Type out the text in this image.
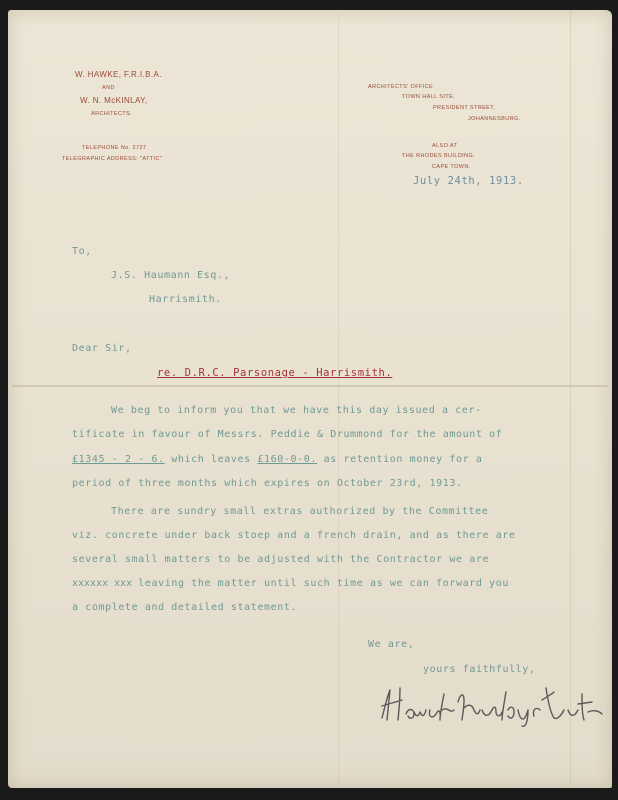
W. HAWKE, F.R.I.B.A.
AND
W. N. McKINLAY,
ARCHITECTS.
TELEPHONE No. 2727
TELEGRAPHIC ADDRESS: "ATTIC"
ARCHITECTS' OFFICE
TOWN HALL SITE,
PRESIDENT STREET,
JOHANNESBURG.
ALSO AT
THE RHODES BUILDING,
CAPE TOWN.
July 24th, 1913.
To,
J.S. Haumann Esq.,
Harrismith.
Dear Sir,
re. D.R.C. Parsonage - Harrismith.
We beg to inform you that we have this day issued a cer-
tificate in favour of Messrs. Peddie & Drummond for the amount of
£1345 - 2 - 6. which leaves £160-0-0. as retention money for a
period of three months which expires on October 23rd, 1913.
There are sundry small extras authorized by the Committee
viz. concrete under back stoep and a french drain, and as there are
several small matters to be adjusted with the Contractor we are
xxxxxx xxx leaving the matter until such time as we can forward you
a complete and detailed statement.
We are,
yours faithfully,
